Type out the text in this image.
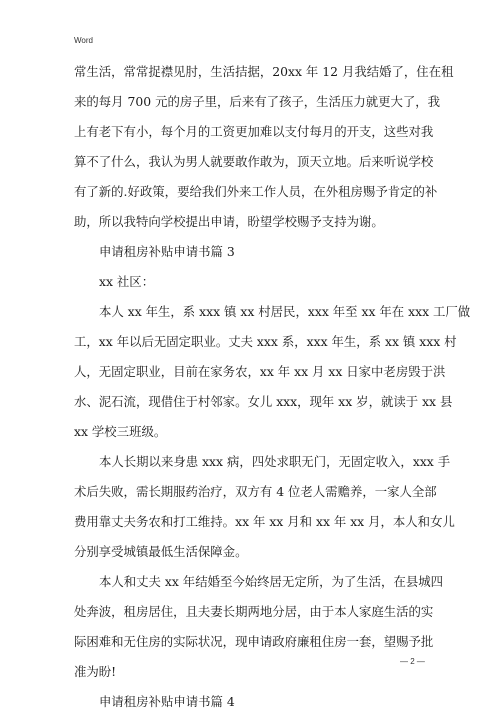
Word
常生活，常常捉襟见肘，生活拮据，20xx 年 12 月我结婚了，住在租
来的每月 700 元的房子里，后来有了孩子，生活压力就更大了，我
上有老下有小，每个月的工资更加难以支付每月的开支，这些对我
算不了什么，我认为男人就要敢作敢为，顶天立地。后来听说学校
有了新的.好政策，要给我们外来工作人员，在外租房赐予肯定的补
助，所以我特向学校提出申请，盼望学校赐予支持为谢。
申请租房补贴申请书篇 3
xx 社区：
本人 xx 年生，系 xxx 镇 xx 村居民，xxx 年至 xx 年在 xxx 工厂做
工，xx 年以后无固定职业。丈夫 xxx 系，xxx 年生，系 xx 镇 xxx 村
人，无固定职业，目前在家务农，xx 年 xx 月 xx 日家中老房毁于洪
水、泥石流，现借住于村邻家。女儿 xxx，现年 xx 岁，就读于 xx 县
xx 学校三班级。
本人长期以来身患 xxx 病，四处求职无门，无固定收入，xxx 手
术后失败，需长期服药治疗，双方有 4 位老人需赡养，一家人全部
费用靠丈夫务农和打工维持。xx 年 xx 月和 xx 年 xx 月，本人和女儿
分别享受城镇最低生活保障金。
本人和丈夫 xx 年结婚至今始终居无定所，为了生活，在县城四
处奔波，租房居住，且夫妻长期两地分居，由于本人家庭生活的实
际困难和无住房的实际状况，现申请政府廉租住房一套，望赐予批
准为盼!
申请租房补贴申请书篇 4
— 2 —
